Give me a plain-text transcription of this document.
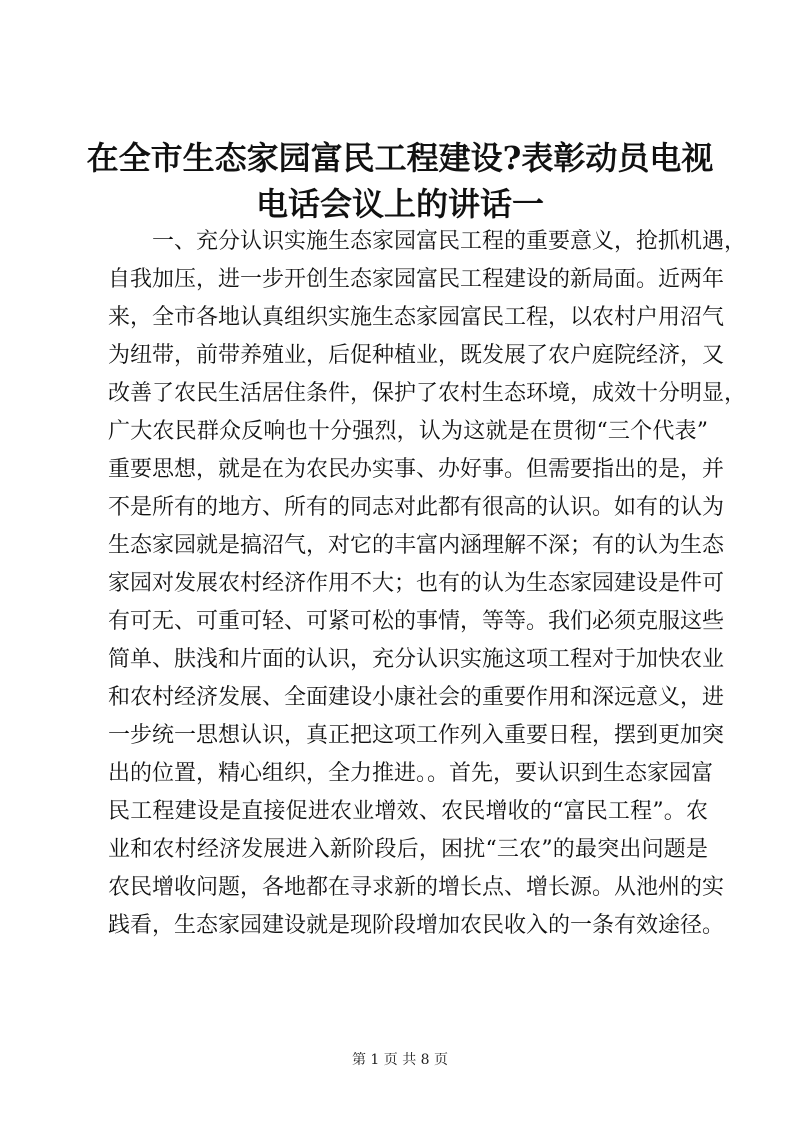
在全市生态家园富民工程建设?表彰动员电视
电话会议上的讲话一
一、充分认识实施生态家园富民工程的重要意义，抢抓机遇，
自我加压，进一步开创生态家园富民工程建设的新局面。近两年
来，全市各地认真组织实施生态家园富民工程，以农村户用沼气
为纽带，前带养殖业，后促种植业，既发展了农户庭院经济，又
改善了农民生活居住条件，保护了农村生态环境，成效十分明显，
广大农民群众反响也十分强烈，认为这就是在贯彻“三个代表”
重要思想，就是在为农民办实事、办好事。但需要指出的是，并
不是所有的地方、所有的同志对此都有很高的认识。如有的认为
生态家园就是搞沼气，对它的丰富内涵理解不深；有的认为生态
家园对发展农村经济作用不大；也有的认为生态家园建设是件可
有可无、可重可轻、可紧可松的事情，等等。我们必须克服这些
简单、肤浅和片面的认识，充分认识实施这项工程对于加快农业
和农村经济发展、全面建设小康社会的重要作用和深远意义，进
一步统一思想认识，真正把这项工作列入重要日程，摆到更加突
出的位置，精心组织，全力推进。。首先，要认识到生态家园富
民工程建设是直接促进农业增效、农民增收的“富民工程”。农
业和农村经济发展进入新阶段后，困扰“三农”的最突出问题是
农民增收问题，各地都在寻求新的增长点、增长源。从池州的实
践看，生态家园建设就是现阶段增加农民收入的一条有效途径。
第 1 页 共 8 页
